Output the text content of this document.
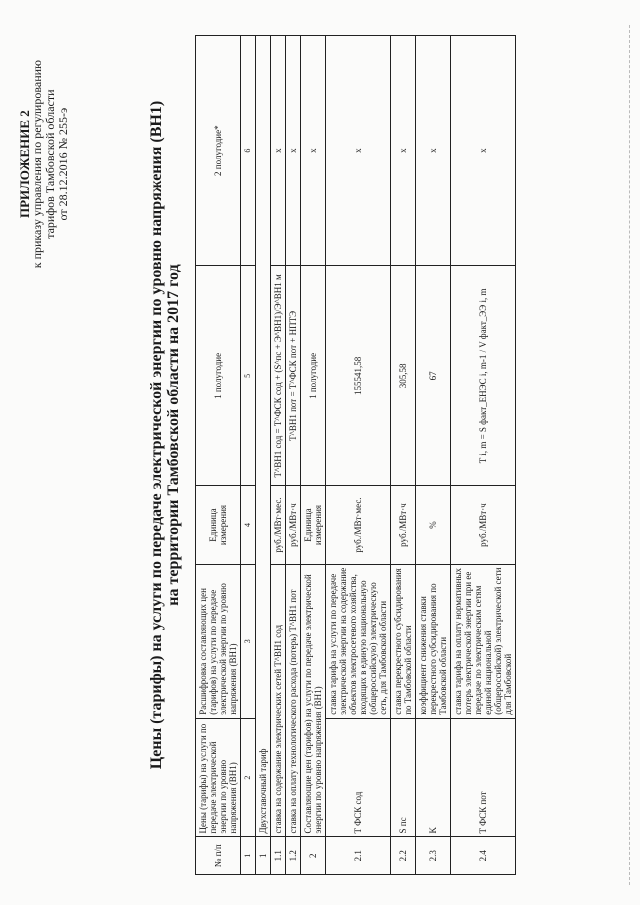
ПРИЛОЖЕНИЕ 2
к приказу управления по регулированию тарифов Тамбовской области от 28.12.2016 № 255-э	Цены (тарифы) на услуги по передаче электрической энергии по уровню напряжения (ВН1) на территории Тамбовской области на 2017 год
№ п/п	Цены (тарифы) на услуги по передаче электрической энергии по уровню напряжения (ВН1)	Расшифровка составляющих цен (тарифов) на услуги по передаче электрической энергии по уровню напряжения (ВН1)	Единица измерения	1 полугодие	2 полугодие*
1	2	3	4	5	6
1	Двухставочный тариф				
1.1	ставка на содержание электрических сетей T^ВН1 сод		руб./МВт·мес.	T^ВН1 сод = T^ФСК сод + (S^пс + Э^ВН1)/Э^ВН1 м	x
1.2	ставка на оплату технологического расхода (потерь) T^ВН1 пот		руб./МВт·ч	T^ВН1 пот = T^ФСК пот + НПТЭ	x
2	Составляющие цен (тарифов) на услуги по передаче электрической энергии по уровню напряжения (ВН1)		Единица измерения	1 полугодие	x
2.1	T ФСК сод	ставка тарифа на услуги по передаче электрической энергии на содержание объектов электросетевого хозяйства, входящих в единую национальную (общероссийскую) электрическую сеть, для Тамбовской области	руб./МВт·мес.	155541,58	x
2.2	S пс	ставка перекрестного субсидирования по Тамбовской области	руб./МВт·ч	305,58	x
2.3	K	коэффициент снижения ставки перекрестного субсидирования по Тамбовской области	%	67	x
2.4	T ФСК пот	ставка тарифа на оплату нормативных потерь электрической энергии при ее передаче по электрическим сетям единой национальной (общероссийской) электрической сети для Тамбовской	руб./МВт·ч	T i, m = S факт_ЕНЭС i, m-1 / V факт_ЭЭ i, m	x
